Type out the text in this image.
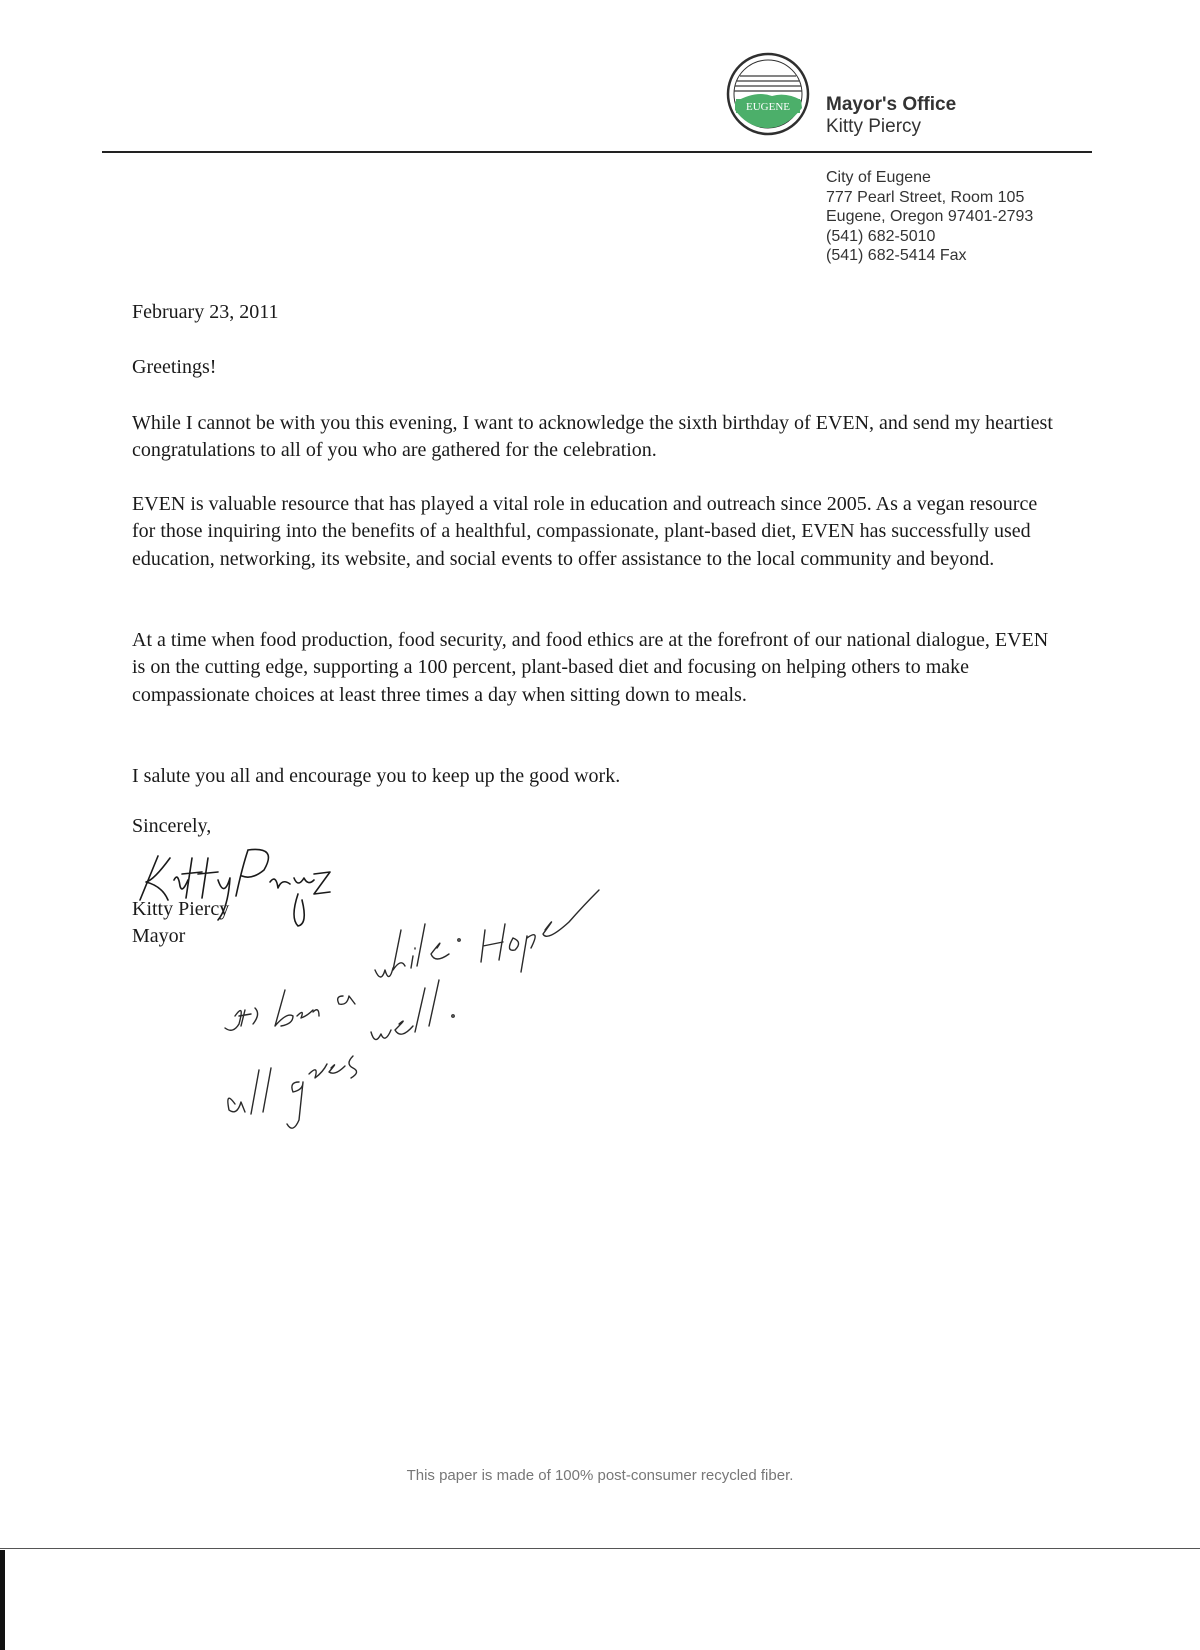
EUGENE Mayor's Office
Kitty Piercy
City of Eugene
777 Pearl Street, Room 105
Eugene, Oregon 97401-2793
(541) 682-5010
(541) 682-5414 Fax
February 23, 2011
Greetings!

While I cannot be with you this evening, I want to acknowledge the sixth birthday of EVEN, and send my heartiest congratulations to all of you who are gathered for the celebration.

EVEN is valuable resource that has played a vital role in education and outreach since 2005. As a vegan resource for those inquiring into the benefits of a healthful, compassionate, plant-based diet, EVEN has successfully used education, networking, its website, and social events to offer assistance to the local community and beyond.

At a time when food production, food security, and food ethics are at the forefront of our national dialogue, EVEN is on the cutting edge, supporting a 100 percent, plant-based diet and focusing on helping others to make compassionate choices at least three times a day when sitting down to meals.

I salute you all and encourage you to keep up the good work.

Sincerely,
Kitty Piercy
Mayor
This paper is made of 100% post-consumer recycled fiber.
